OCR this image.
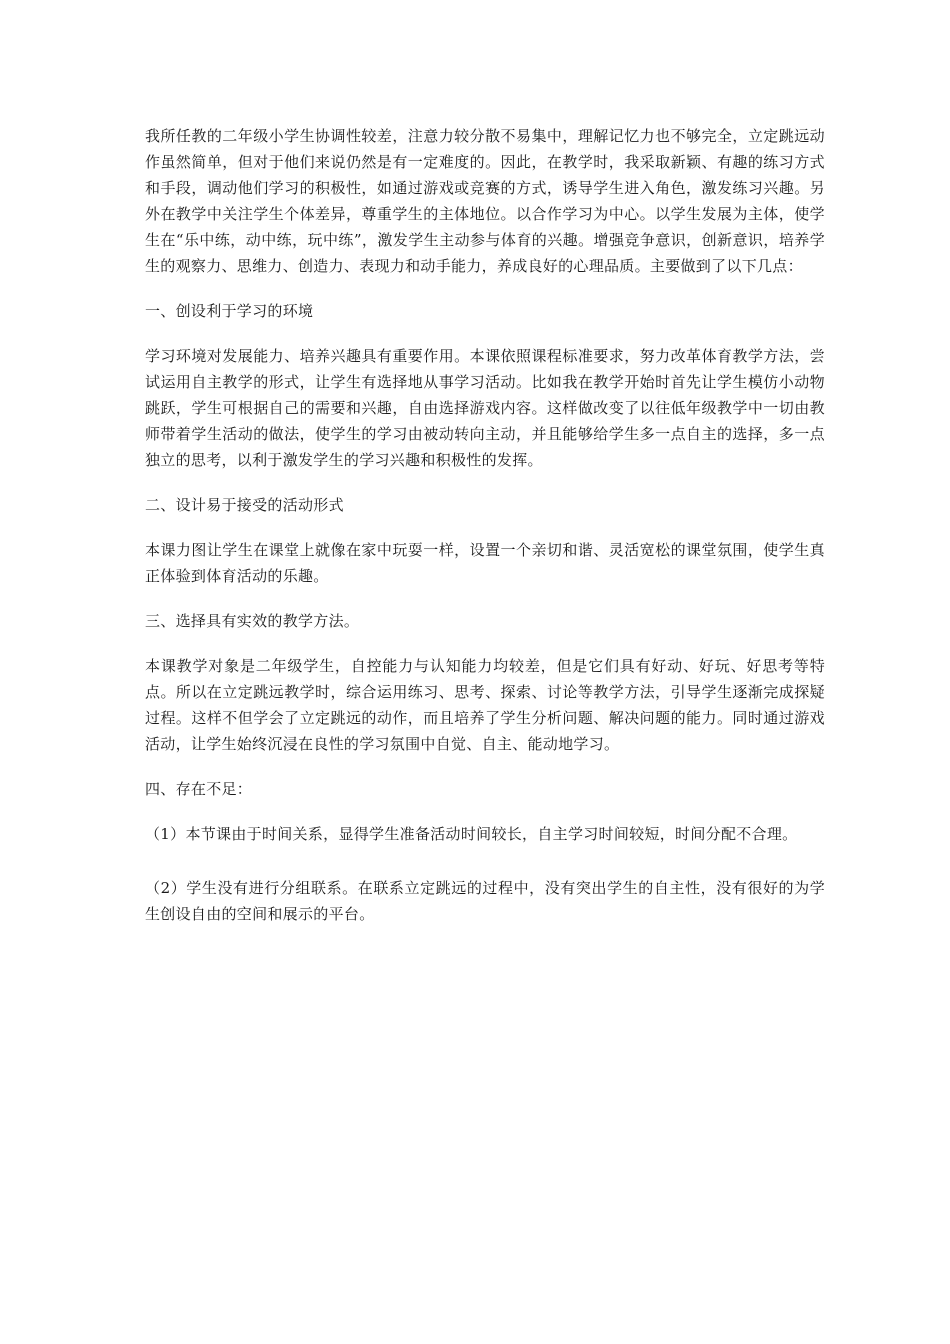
我所任教的二年级小学生协调性较差，注意力较分散不易集中，理解记忆力也不够完全，立定跳远动作虽然简单，但对于他们来说仍然是有一定难度的。因此，在教学时，我采取新颖、有趣的练习方式和手段，调动他们学习的积极性，如通过游戏或竞赛的方式，诱导学生进入角色，激发练习兴趣。另外在教学中关注学生个体差异，尊重学生的主体地位。以合作学习为中心。以学生发展为主体，使学生在“乐中练，动中练，玩中练”，激发学生主动参与体育的兴趣。增强竞争意识，创新意识，培养学生的观察力、思维力、创造力、表现力和动手能力，养成良好的心理品质。主要做到了以下几点：

一、创设利于学习的环境

学习环境对发展能力、培养兴趣具有重要作用。本课依照课程标准要求，努力改革体育教学方法，尝试运用自主教学的形式，让学生有选择地从事学习活动。比如我在教学开始时首先让学生模仿小动物跳跃，学生可根据自己的需要和兴趣，自由选择游戏内容。这样做改变了以往低年级教学中一切由教师带着学生活动的做法，使学生的学习由被动转向主动，并且能够给学生多一点自主的选择，多一点独立的思考，以利于激发学生的学习兴趣和积极性的发挥。

二、设计易于接受的活动形式

本课力图让学生在课堂上就像在家中玩耍一样，设置一个亲切和谐、灵活宽松的课堂氛围，使学生真正体验到体育活动的乐趣。

三、选择具有实效的教学方法。

本课教学对象是二年级学生，自控能力与认知能力均较差，但是它们具有好动、好玩、好思考等特点。所以在立定跳远教学时，综合运用练习、思考、探索、讨论等教学方法，引导学生逐渐完成探疑过程。这样不但学会了立定跳远的动作，而且培养了学生分析问题、解决问题的能力。同时通过游戏活动，让学生始终沉浸在良性的学习氛围中自觉、自主、能动地学习。

四、存在不足：

（1）本节课由于时间关系，显得学生准备活动时间较长，自主学习时间较短，时间分配不合理。

（2）学生没有进行分组联系。在联系立定跳远的过程中，没有突出学生的自主性，没有很好的为学生创设自由的空间和展示的平台。
